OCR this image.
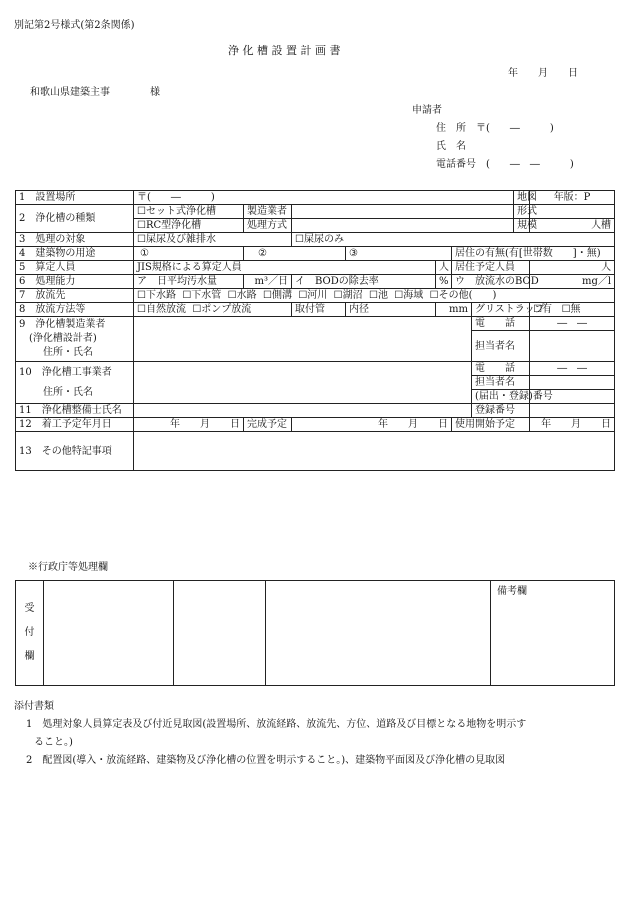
別記第2号様式(第2条関係)
浄 化 槽 設 置 計 画 書
年　　月　　日
和歌山県建築主事　　　　様
申請者
住　所　〒(　　―　　　)
氏　名
電話番号　(　　―　―　　　)
1　設置場所	〒(　　―　　　)							地図	年版：P
2　浄化槽の種類	☐ セット式浄化槽	製造業者						形式	
	☐ RC型浄化槽	処理方式						規模	人槽
3　処理の対象	☐ 屎尿及び雑排水		☐ 屎尿のみ
4　建築物の用途	①	②		③		居住の有無(有[世帯数　　]・無)			
5　算定人員	JIS規格による算定人員				人	居住予定人員			人
6　処理能力	ア　日平均汚水量	m³／日	イ　BODの除去率		%	ウ　放流水のBOD			mg／l
7　放流先	☐ 下水路 ☐ 下水管 ☐ 水路 ☐ 側溝 ☐ 河川 ☐ 湖沼 ☐ 池 ☐ 海域 ☐ その他(　　)
8　放流方法等	☐ 自然放流 ☐ ポンプ放流		取付管	内径	mm		グリストラップ		☐ 有 ☐ 無

9　浄化槽製造業者
(浄化槽設計者)
住所・氏名							電　　話		―　―

							担当者名		

10　浄化槽工事業者
住所・氏名							電　　話		―　―
							担当者名		
							(届出・登録)番号		
11　浄化槽整備士氏名							登録番号		
12　着工予定年月日	年　　月　　日	完成予定	年　　月　　日			使用開始予定			年　　月　　日
13　その他特記事項									
※行政庁等処理欄
受
付
欄
				備考欄
添付書類
1　処理対象人員算定表及び付近見取図(設置場所、放流経路、放流先、方位、道路及び目標となる地物を明示す
ること。)
2　配置図(導入・放流経路、建築物及び浄化槽の位置を明示すること。)、建築物平面図及び浄化槽の見取図
